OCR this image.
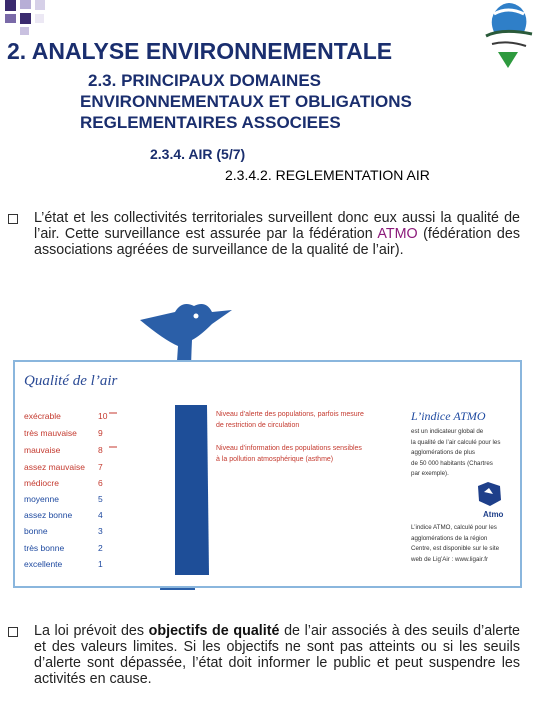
2. ANALYSE ENVIRONNEMENTALE
2.3. PRINCIPAUX DOMAINES
ENVIRONNEMENTAUX ET OBLIGATIONS
REGLEMENTAIRES ASSOCIEES
2.3.4. AIR (5/7)
2.3.4.2. REGLEMENTATION AIR
L’état et les collectivités territoriales surveillent donc eux aussi la qualité de l’air. Cette surveillance est assurée par la fédération ATMO (fédération des associations agréées de surveillance de la qualité de l’air).
Qualité de l’air
exécrable	10
très mauvaise 9
mauvaise	8
assez mauvaise 7
médiocre	6
moyenne	5
assez bonne	4
bonne	3
très bonne	2
excellente	1
Niveau d’alerte des populations, parfois mesure
de restriction de circulation
Niveau d’information des populations sensibles
à la pollution atmosphérique (asthme)
L’indice ATMO
est un indicateur global de
la qualité de l’air calculé pour les
agglomérations de plus
de 50 000 habitants (Chartres
par exemple).
Atmo
L’indice ATMO, calculé pour les
agglomérations de la région
Centre, est disponible sur le site
web de Lig’Air : www.ligair.fr
La loi prévoit des objectifs de qualité de l’air associés à des seuils d’alerte et des valeurs limites. Si les objectifs ne sont pas atteints ou si les seuils d’alerte sont dépassée, l’état doit informer le public et peut suspendre les activités en cause.
